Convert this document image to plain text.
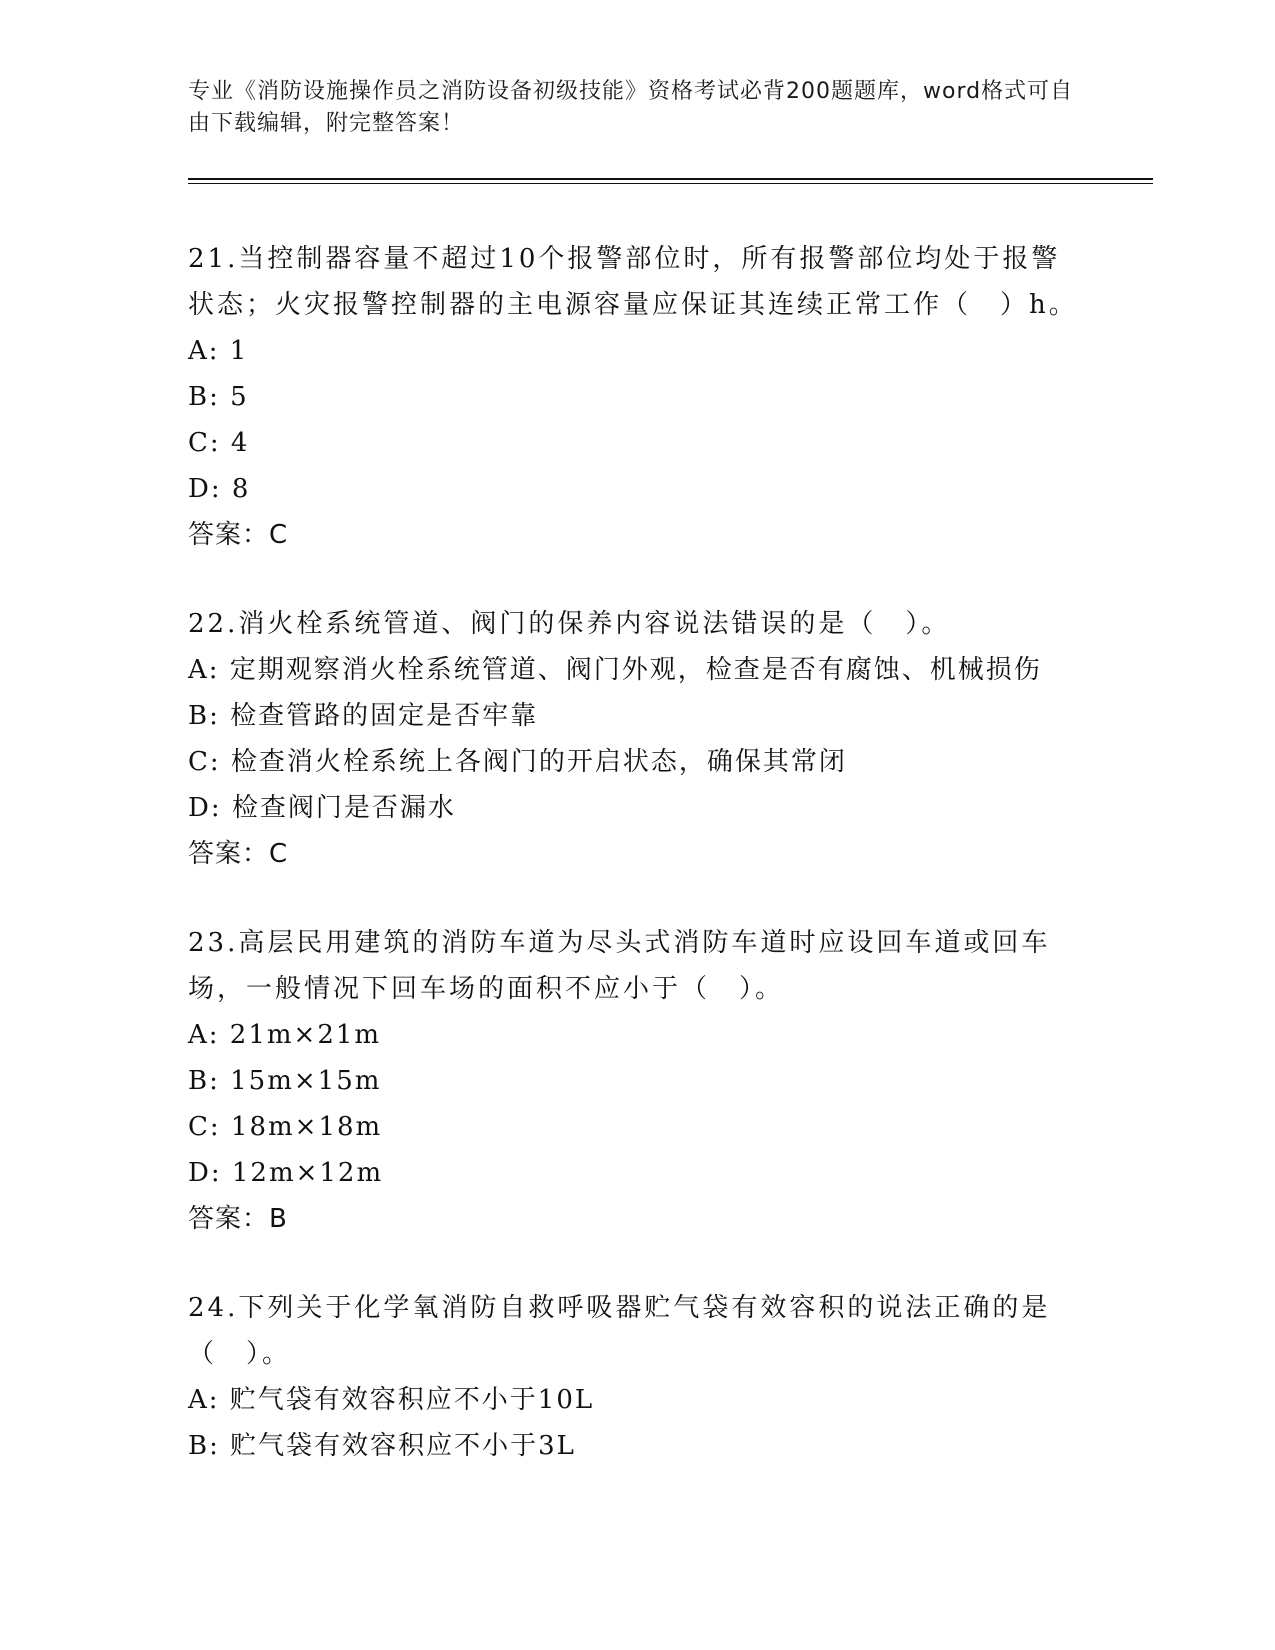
专业《消防设施操作员之消防设备初级技能》资格考试必背200题题库，word格式可自由下载编辑，附完整答案！
21.当控制器容量不超过10个报警部位时，所有报警部位均处于报警状态；火灾报警控制器的主电源容量应保证其连续正常工作（　）h。
A: 1
B: 5
C: 4
D: 8
答案：C
22.消火栓系统管道、阀门的保养内容说法错误的是（　）。
A: 定期观察消火栓系统管道、阀门外观，检查是否有腐蚀、机械损伤
B: 检查管路的固定是否牢靠
C: 检查消火栓系统上各阀门的开启状态，确保其常闭
D: 检查阀门是否漏水
答案：C
23.高层民用建筑的消防车道为尽头式消防车道时应设回车道或回车场，一般情况下回车场的面积不应小于（　）。
A: 21m×21m
B: 15m×15m
C: 18m×18m
D: 12m×12m
答案：B
24.下列关于化学氧消防自救呼吸器贮气袋有效容积的说法正确的是（　）。
A: 贮气袋有效容积应不小于10L
B: 贮气袋有效容积应不小于3L
